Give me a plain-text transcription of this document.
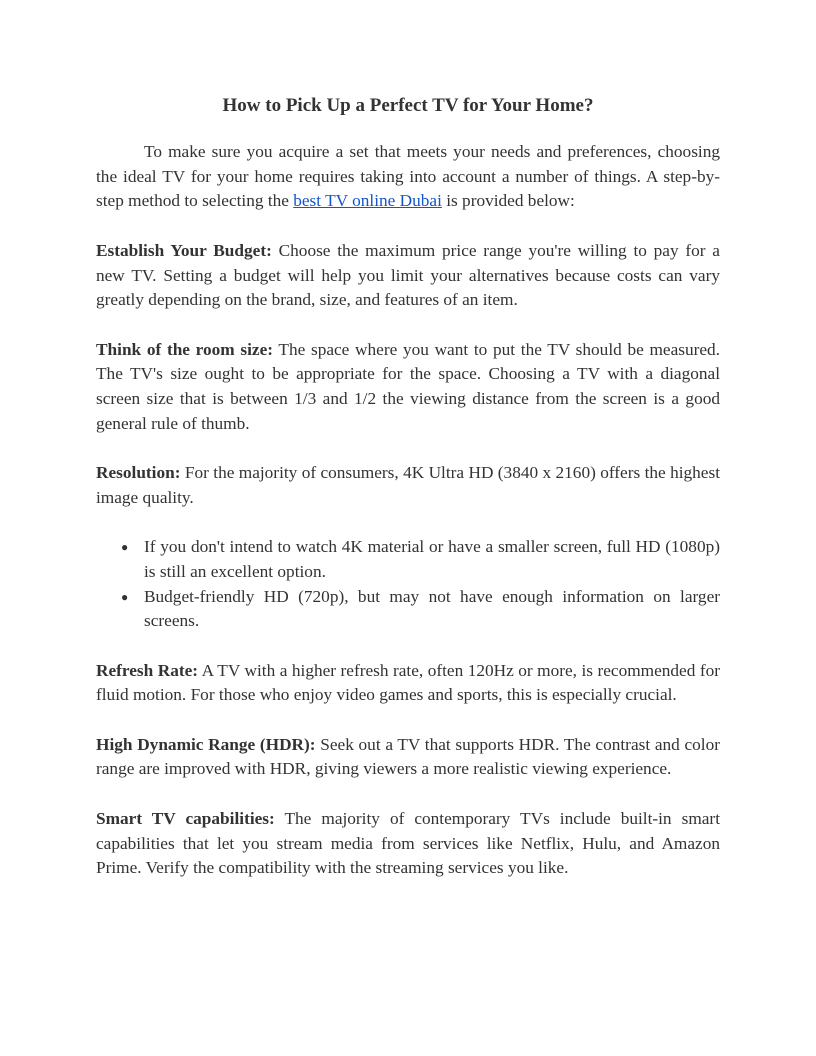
How to Pick Up a Perfect TV for Your Home?

To make sure you acquire a set that meets your needs and preferences, choosing the ideal TV for your home requires taking into account a number of things. A step-by-step method to selecting the best TV online Dubai is provided below:

Establish Your Budget: Choose the maximum price range you're willing to pay for a new TV. Setting a budget will help you limit your alternatives because costs can vary greatly depending on the brand, size, and features of an item.

Think of the room size: The space where you want to put the TV should be measured. The TV's size ought to be appropriate for the space. Choosing a TV with a diagonal screen size that is between 1/3 and 1/2 the viewing distance from the screen is a good general rule of thumb.

Resolution: For the majority of consumers, 4K Ultra HD (3840 x 2160) offers the highest image quality.

● If you don't intend to watch 4K material or have a smaller screen, full HD (1080p) is still an excellent option.
● Budget-friendly HD (720p), but may not have enough information on larger screens.

Refresh Rate: A TV with a higher refresh rate, often 120Hz or more, is recommended for fluid motion. For those who enjoy video games and sports, this is especially crucial.

High Dynamic Range (HDR): Seek out a TV that supports HDR. The contrast and color range are improved with HDR, giving viewers a more realistic viewing experience.

Smart TV capabilities: The majority of contemporary TVs include built-in smart capabilities that let you stream media from services like Netflix, Hulu, and Amazon Prime. Verify the compatibility with the streaming services you like.
